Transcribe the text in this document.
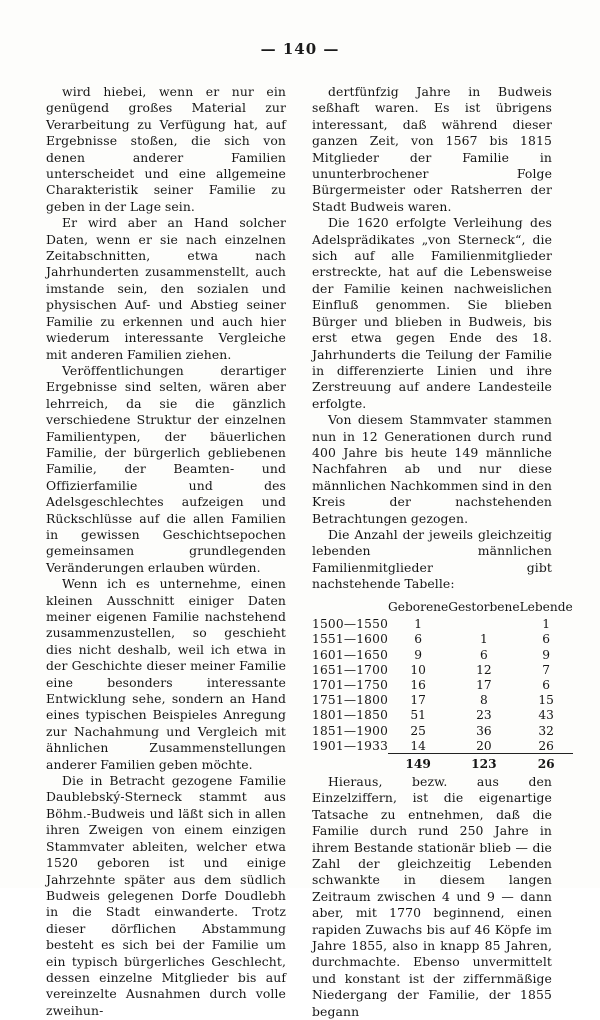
— 140 —

wird hiebei, wenn er nur ein genügend großes Material zur Verarbeitung zu Verfügung hat, auf Ergebnisse stoßen, die sich von denen anderer Familien unterscheidet und eine allgemeine Charakteristik seiner Familie zu geben in der Lage sein.

Er wird aber an Hand solcher Daten, wenn er sie nach einzelnen Zeitabschnitten, etwa nach Jahrhunderten zusammenstellt, auch imstande sein, den sozialen und physischen Auf- und Abstieg seiner Familie zu erkennen und auch hier wiederum interessante Vergleiche mit anderen Familien ziehen.

Veröffentlichungen derartiger Ergebnisse sind selten, wären aber lehrreich, da sie die gänzlich verschiedene Struktur der einzelnen Familientypen, der bäuerlichen Familie, der bürgerlich gebliebenen Familie, der Beamten- und Offizierfamilie und des Adelsgeschlechtes aufzeigen und Rückschlüsse auf die allen Familien in gewissen Geschichtsepochen gemeinsamen grundlegenden Veränderungen erlauben würden.

Wenn ich es unternehme, einen kleinen Ausschnitt einiger Daten meiner eigenen Familie nachstehend zusammenzustellen, so geschieht dies nicht deshalb, weil ich etwa in der Geschichte dieser meiner Familie eine besonders interessante Entwicklung sehe, sondern an Hand eines typischen Beispieles Anregung zur Nachahmung und Vergleich mit ähnlichen Zusammenstellungen anderer Familien geben möchte.

Die in Betracht gezogene Familie Daublebský-Sterneck stammt aus Böhm.-Budweis und läßt sich in allen ihren Zweigen von einem einzigen Stammvater ableiten, welcher etwa 1520 geboren ist und einige Jahrzehnte später aus dem südlich Budweis gelegenen Dorfe Doudlebh in die Stadt einwanderte. Trotz dieser dörflichen Abstammung besteht es sich bei der Familie um ein typisch bürgerliches Geschlecht, dessen einzelne Mitglieder bis auf vereinzelte Ausnahmen durch volle zweihun-

dertfünfzig Jahre in Budweis seßhaft waren. Es ist übrigens interessant, daß während dieser ganzen Zeit, von 1567 bis 1815 Mitglieder der Familie in ununterbrochener Folge Bürgermeister oder Ratsherren der Stadt Budweis waren.

Die 1620 erfolgte Verleihung des Adelsprädikates „von Sterneck“, die sich auf alle Familienmitglieder erstreckte, hat auf die Lebensweise der Familie keinen nachweislichen Einfluß genommen. Sie blieben Bürger und blieben in Budweis, bis erst etwa gegen Ende des 18. Jahrhunderts die Teilung der Familie in differenzierte Linien und ihre Zerstreuung auf andere Landesteile erfolgte.

Von diesem Stammvater stammen nun in 12 Generationen durch rund 400 Jahre bis heute 149 männliche Nachfahren ab und nur diese männlichen Nachkommen sind in den Kreis der nachstehenden Betrachtungen gezogen.

Die Anzahl der jeweils gleichzeitig lebenden männlichen Familienmitglieder gibt nachstehende Tabelle:

	Geborene	Gestorbene	Lebende
1500—1550	1		1
1551—1600	6	1	6
1601—1650	9	6	9
1651—1700	10	12	7
1701—1750	16	17	6
1751—1800	17	8	15
1801—1850	51	23	43
1851—1900	25	36	32
1901—1933	14	20	26
	149	123	26

Hieraus, bezw. aus den Einzelziffern, ist die eigenartige Tatsache zu entnehmen, daß die Familie durch rund 250 Jahre in ihrem Bestande stationär blieb — die Zahl der gleichzeitig Lebenden schwankte in diesem langen Zeitraum zwischen 4 und 9 — dann aber, mit 1770 beginnend, einen rapiden Zuwachs bis auf 46 Köpfe im Jahre 1855, also in knapp 85 Jahren, durchmachte. Ebenso unvermittelt und konstant ist der ziffernmäßige Niedergang der Familie, der 1855 begann
